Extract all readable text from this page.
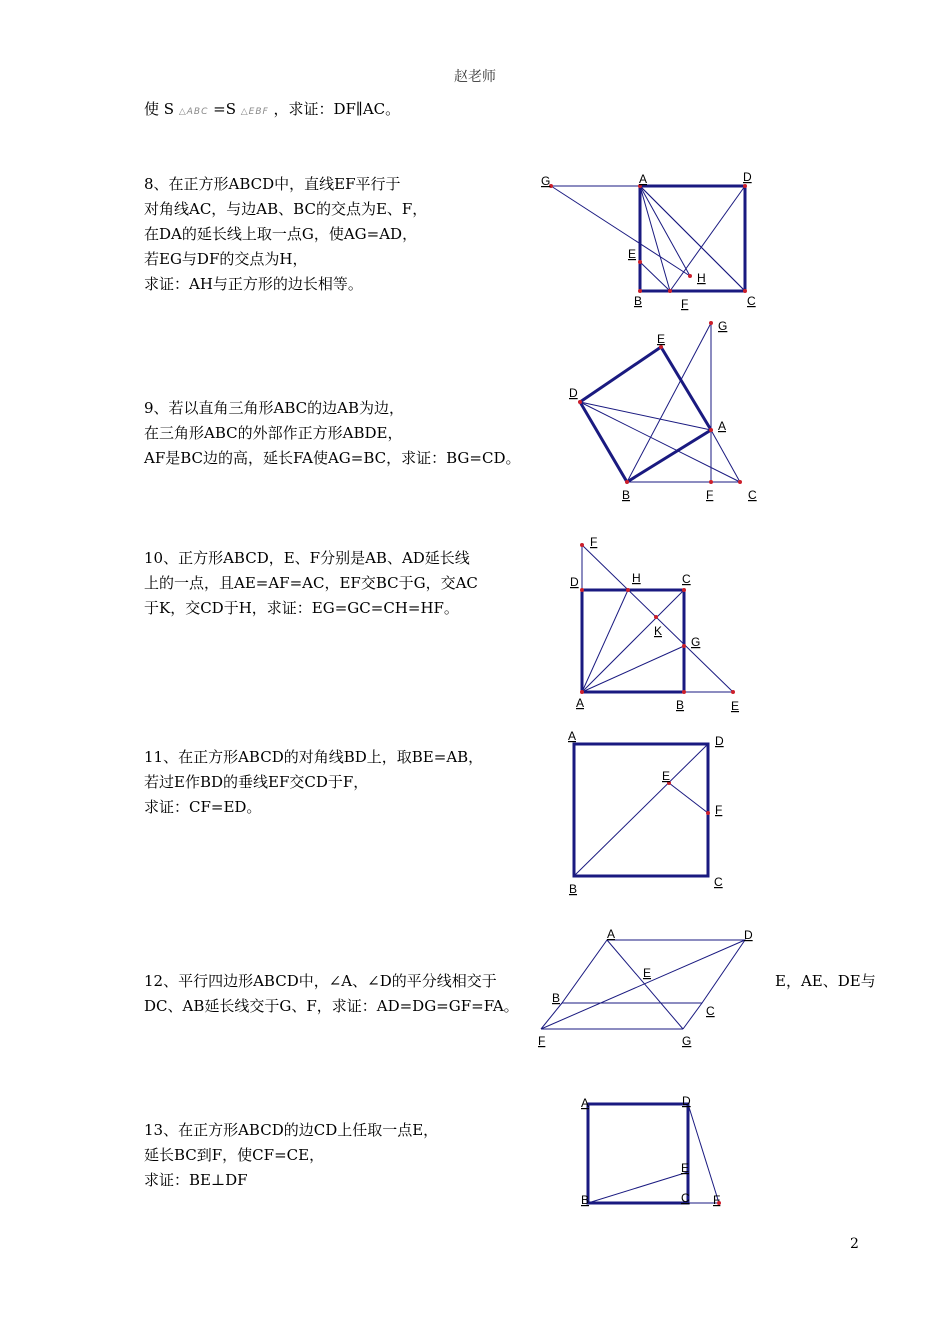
赵老师
使 S △ABC =S △EBF ，求证：DF∥AC。
8、在正方形ABCD中，直线EF平行于
对角线AC，与边AB、BC的交点为E、F，
在DA的延长线上取一点G，使AG=AD，
若EG与DF的交点为H，
求证：AH与正方形的边长相等。
G	A	D
E
H
B	F	C
9、若以直角三角形ABC的边AB为边，
在三角形ABC的外部作正方形ABDE，
AF是BC边的高，延长FA使AG=BC，求证：BG=CD。
G
E
D
A
B	F	C
10、正方形ABCD，E、F分别是AB、AD延长线
上的一点，且AE=AF=AC，EF交BC于G，交AC
于K，交CD于H，求证：EG=GC=CH=HF。
F
D	H	C
K
G
A	B	E
11、在正方形ABCD的对角线BD上，取BE=AB，
若过E作BD的垂线EF交CD于F，
求证：CF=ED。
A	D
E
F
B	C
12、平行四边形ABCD中，∠A、∠D的平分线相交于
DC、AB延长线交于G、F，求证：AD=DG=GF=FA。
E，AE、DE与
A	D
E
B
C
F	G
13、在正方形ABCD的边CD上任取一点E，
延长BC到F，使CF=CE，
求证：BE⊥DF
A	D
E
B	C F
2
